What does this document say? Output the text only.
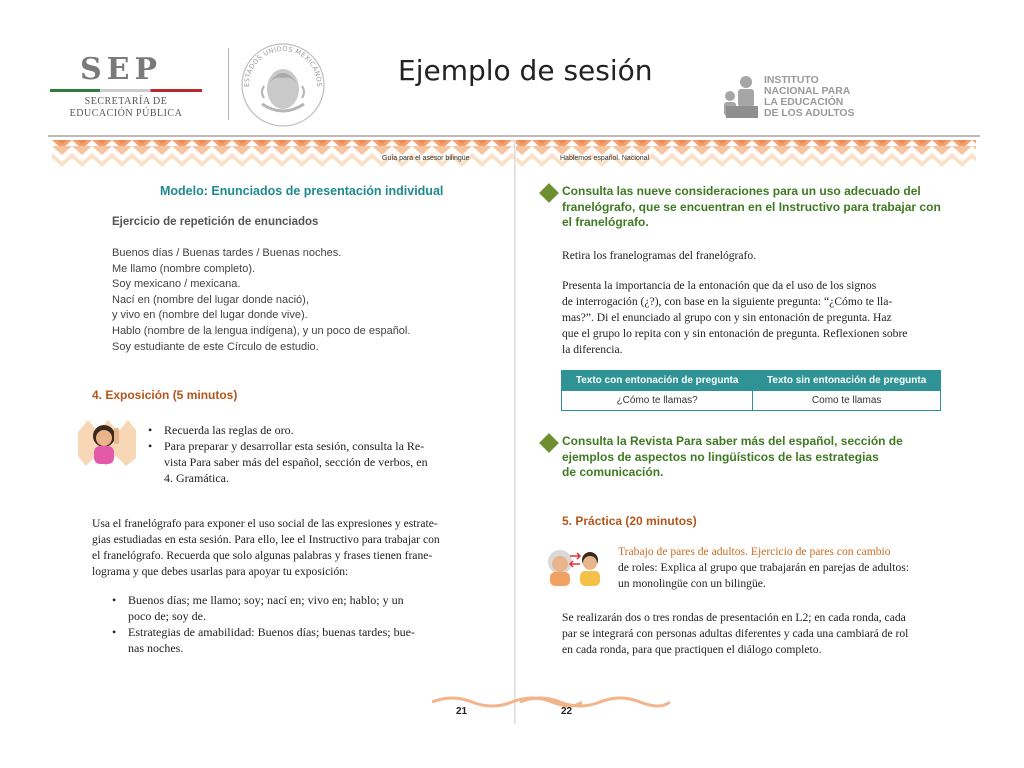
SEP
SECRETARÍA DE
EDUCACIÓN PÚBLICA
ESTADOS UNIDOS MEXICANOS	Ejemplo de sesión	INSTITUTO
NACIONAL PARA
LA EDUCACIÓN
DE LOS ADULTOS
Guía para el asesor bilingüe
Modelo: Enunciados de presentación individual
Ejercicio de repetición de enunciados
Buenos días / Buenas tardes / Buenas noches.
Me llamo (nombre completo).
Soy mexicano / mexicana.
Nací en (nombre del lugar donde nació),
y vivo en (nombre del lugar donde vive).
Hablo (nombre de la lengua indígena), y un poco de español.
Soy estudiante de este Círculo de estudio.
4. Exposición (5 minutos)
• Recuerda las reglas de oro.
• Para preparar y desarrollar esta sesión, consulta la Re-
vista Para saber más del español, sección de verbos, en
4. Gramática.
Usa el franelógrafo para exponer el uso social de las expresiones y estrate-
gias estudiadas en esta sesión. Para ello, lee el Instructivo para trabajar con
el franelógrafo. Recuerda que solo algunas palabras y frases tienen frane-
lograma y que debes usarlas para apoyar tu exposición:
• Buenos días; me llamo; soy; nací en; vivo en; hablo; y un
poco de; soy de.
• Estrategias de amabilidad: Buenos días; buenas tardes; bue-
nas noches.
21
Hablemos español. Nacional
Consulta las nueve consideraciones para un uso adecuado del
franelógrafo, que se encuentran en el Instructivo para trabajar con
el franelógrafo.
Retira los franelogramas del franelógrafo.
Presenta la importancia de la entonación que da el uso de los signos
de interrogación (¿?), con base en la siguiente pregunta: “¿Cómo te lla-
mas?”. Di el enunciado al grupo con y sin entonación de pregunta. Haz
que el grupo lo repita con y sin entonación de pregunta. Reflexionen sobre
la diferencia.
Texto con entonación de pregunta	Texto sin entonación de pregunta
¿Cómo te llamas?	Como te llamas
Consulta la Revista Para saber más del español, sección de
ejemplos de aspectos no lingüísticos de las estrategias
de comunicación.
5. Práctica (20 minutos)
Trabajo de pares de adultos. Ejercicio de pares con cambio
de roles: Explica al grupo que trabajarán en parejas de adultos:
un monolingüe con un bilingüe.
Se realizarán dos o tres rondas de presentación en L2; en cada ronda, cada
par se integrará con personas adultas diferentes y cada una cambiará de rol
en cada ronda, para que practiquen el diálogo completo.
22
